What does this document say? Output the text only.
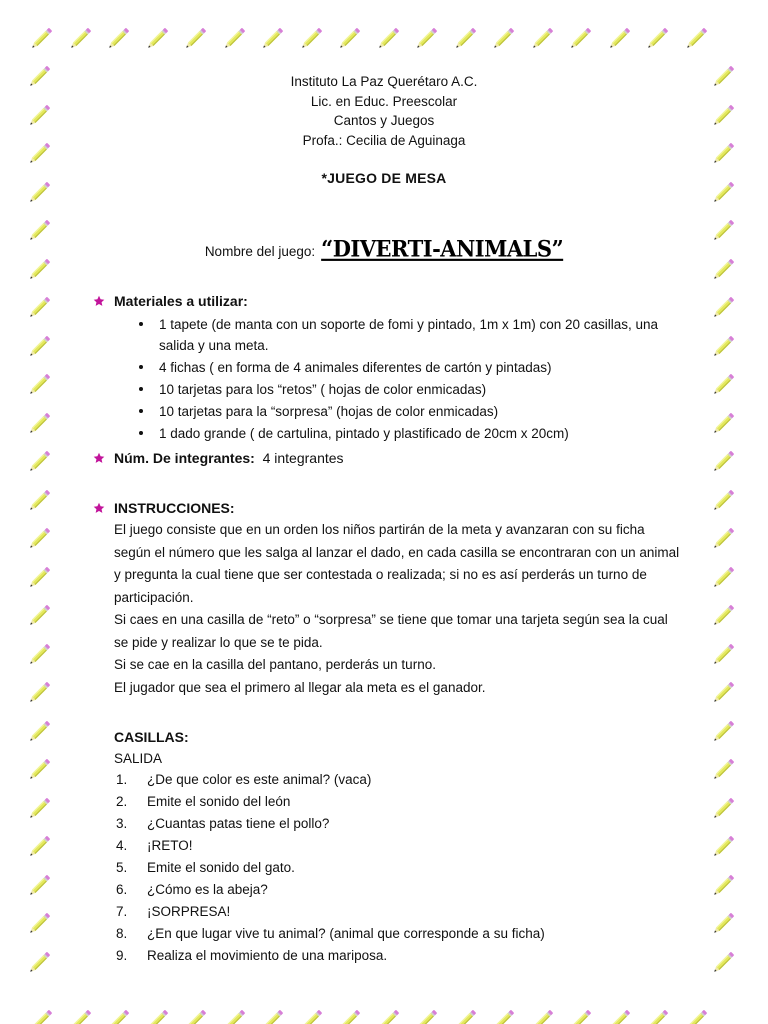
Instituto La Paz Querétaro A.C.
Lic. en Educ. Preescolar
Cantos y Juegos
Profa.: Cecilia de Aguinaga
*JUEGO DE MESA
Nombre del juego: “DIVERTI-ANIMALS”
Materiales a utilizar:
1 tapete (de manta con un soporte de fomi y pintado, 1m x 1m) con 20 casillas, una salida y una meta.
4 fichas ( en forma de 4 animales diferentes de cartón y pintadas)
10 tarjetas para los “retos” ( hojas de color enmicadas)
10 tarjetas para la “sorpresa” (hojas de color enmicadas)
1 dado grande ( de cartulina, pintado y plastificado de 20cm x 20cm)
Núm. De integrantes: 4 integrantes
INSTRUCCIONES:

El juego consiste que en un orden los niños partirán de la meta y avanzaran con su ficha según el número que les salga al lanzar el dado, en cada casilla se encontraran con un animal y pregunta la cual tiene que ser contestada o realizada; si no es así perderás un turno de participación.

Si caes en una casilla de “reto” o “sorpresa” se tiene que tomar una tarjeta según sea la cual se pide y realizar lo que se te pida.

Si se cae en la casilla del pantano, perderás un turno.

El jugador que sea el primero al llegar ala meta es el ganador.

CASILLAS:
SALIDA
¿De que color es este animal? (vaca)
Emite el sonido del león
¿Cuantas patas tiene el pollo?
¡RETO!
Emite el sonido del gato.
¿Cómo es la abeja?
¡SORPRESA!
¿En que lugar vive tu animal? (animal que corresponde a su ficha)
Realiza el movimiento de una mariposa.
